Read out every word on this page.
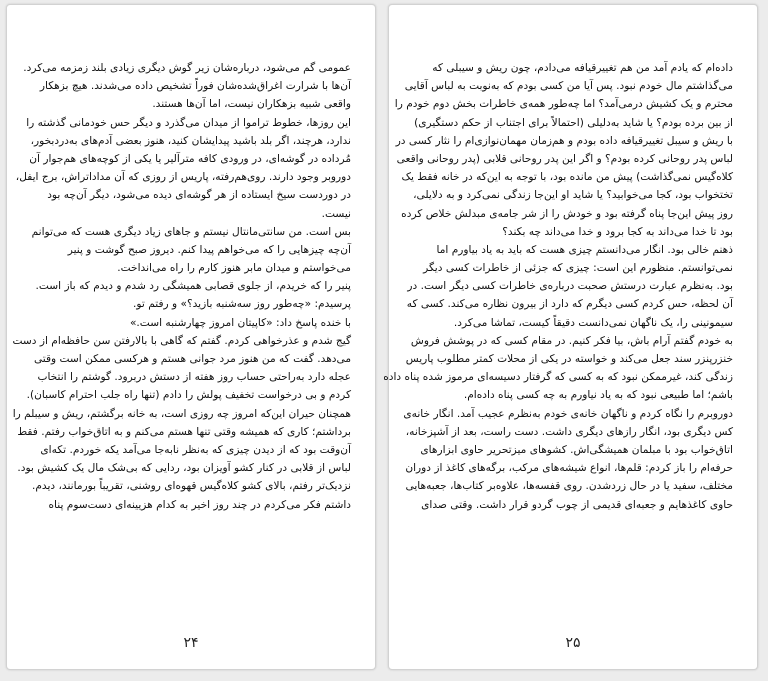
عمومی گم می‌شود، درباره‌شان زیر گوش دیگری زیادی بلند زمزمه می‌کرد.
آن‌ها با شرارت اغراق‌شده‌شان فوراً تشخیص داده می‌شدند. هیچ بزهکار
واقعی شبیه بزهکاران نیست، اما آن‌ها هستند.
این روزها، خطوط تراموا از میدان می‌گذرد و دیگر حس خودمانی گذشته را
ندارد، هرچند، اگر بلد باشید پیدایشان کنید، هنوز بعضی آدم‌های به‌دردبخور،
مُرداده در گوشه‌ای، در ورودی کافه مترآلیر یا یکی از کوچه‌های هم‌جوار آن
دوروبر وجود دارند. روی‌هم‌رفته، پاریس از روزی که آن مداداتراش، برج ایفل،
در دوردست سیخ ایستاده از هر گوشه‌ای دیده می‌شود، دیگر آن‌چه بود
نیست.
بس است. من سانتی‌مانتال نیستم و جاهای زیاد دیگری هست که می‌توانم
آن‌چه چیزهایی را که می‌خواهم پیدا کنم. دیروز صبح گوشت و پنیر
می‌خواستم و میدان مابر هنوز کارم را راه می‌انداخت.
پنیر را که خریدم، از جلوی قصابی همیشگی رد شدم و دیدم که باز است.
پرسیدم: «چه‌طور روز سه‌شنبه بازید؟» و رفتم تو.
با خنده پاسخ داد: «کاپیتان امروز چهارشنبه است.»
گیج شدم و عذرخواهی کردم. گفتم که گاهی با بالارفتن سن حافظه‌ام از دست
می‌دهد. گفت که من هنوز مرد جوانی هستم و هرکسی ممکن است وقتی
عجله دارد به‌راحتی حساب روز هفته از دستش دربرود. گوشتم را انتخاب
کردم و بی درخواست تخفیف پولش را دادم (تنها راه جلب احترام کاسبان).
همچنان حیران این‌که امروز چه روزی است، به خانه برگشتم، ریش و سیبلم را
برداشتم؛ کاری که همیشه وقتی تنها هستم می‌کنم و به اتاق‌خواب رفتم. فقط
آن‌وقت بود که از دیدن چیزی که به‌نظر نابه‌جا می‌آمد یکه خوردم. تکه‌ای
لباس از قلابی در کنار کشو آویزان بود، ردایی که بی‌شک مال یک کشیش بود.
نزدیک‌تر رفتم، بالای کشو کلاه‌گیس قهوه‌ای روشنی، تقریباً بورمانند، دیدم.
داشتم فکر می‌کردم در چند روز اخیر به کدام هزیینه‌ای دست‌سوم پناه
۲۴
داده‌ام که یادم آمد من هم تغییرقیافه می‌دادم، چون ریش و سیبلی که
می‌گذاشتم مال خودم نبود. پس آیا من کسی بودم که به‌نوبت به لباس آقایی
محترم و یک کشیش درمی‌آمد؟ اما چه‌طور همه‌ی خاطرات بخش دوم خودم را
از بین برده بودم؟ یا شاید به‌دلیلی (احتمالاً برای اجتناب از حکم دستگیری)
با ریش و سیبل تغییرقیافه داده بودم و هم‌زمان مهمان‌نوازی‌ام را نثار کسی در
لباس پدر روحانی کرده بودم؟ و اگر این پدر روحانی قلابی (پدر روحانی واقعی
کلاه‌گیس نمی‌گذاشت) پیش من مانده بود، با توجه به این‌که در خانه فقط یک
تختخواب بود، کجا می‌خوابید؟ یا شاید او این‌جا زندگی نمی‌کرد و به دلایلی،
روز پیش این‌جا پناه گرفته بود و خودش را از شر جامه‌ی مبدلش خلاص کرده
بود تا خدا می‌داند به کجا برود و خدا می‌داند چه بکند؟
ذهنم خالی بود. انگار می‌دانستم چیزی هست که باید به یاد بیاورم اما
نمی‌توانستم. منظورم این است: چیزی که جزئی از خاطرات کسی دیگر
بود. به‌نظرم عبارت درستش صحبت درباره‌ی خاطرات کسی دیگر است. در
آن لحظه، حس کردم کسی دیگرم که دارد از بیرون نظاره می‌کند. کسی که
سیمونینی را، یک ناگهان نمی‌دانست دقیقاً کیست، تماشا می‌کرد.
به خودم گفتم آرام باش، بیا فکر کنیم. در مقام کسی که در پوشش فروش
خنزرپنزر سند جعل می‌کند و خواسته در یکی از محلات کمتر مطلوب پاریس
زندگی کند، غیرممکن نبود که به کسی که گرفتار دسیسه‌ای مرموز شده پناه داده
باشم؛ اما طبیعی نبود که به یاد نیاورم به چه کسی پناه داده‌ام.
دوروبرم را نگاه کردم و ناگهان خانه‌ی خودم به‌نظرم عجیب آمد. انگار خانه‌ی
کس دیگری بود، انگار رازهای دیگری داشت. دست راست، بعد از آشپزخانه،
اتاق‌خواب بود با مبلمان همیشگی‌اش. کشوهای میزتحریر حاوی ابزارهای
حرفه‌ام را باز کردم: قلم‌ها، انواع شیشه‌های مرکب، برگه‌های کاغذ از دوران
مختلف، سفید یا در حال زردشدن. روی قفسه‌ها، علاوه‌بر کتاب‌ها، جعبه‌هایی
حاوی کاغذهایم و جعبه‌ای قدیمی از چوب گردو قرار داشت. وقتی صدای
۲۵
